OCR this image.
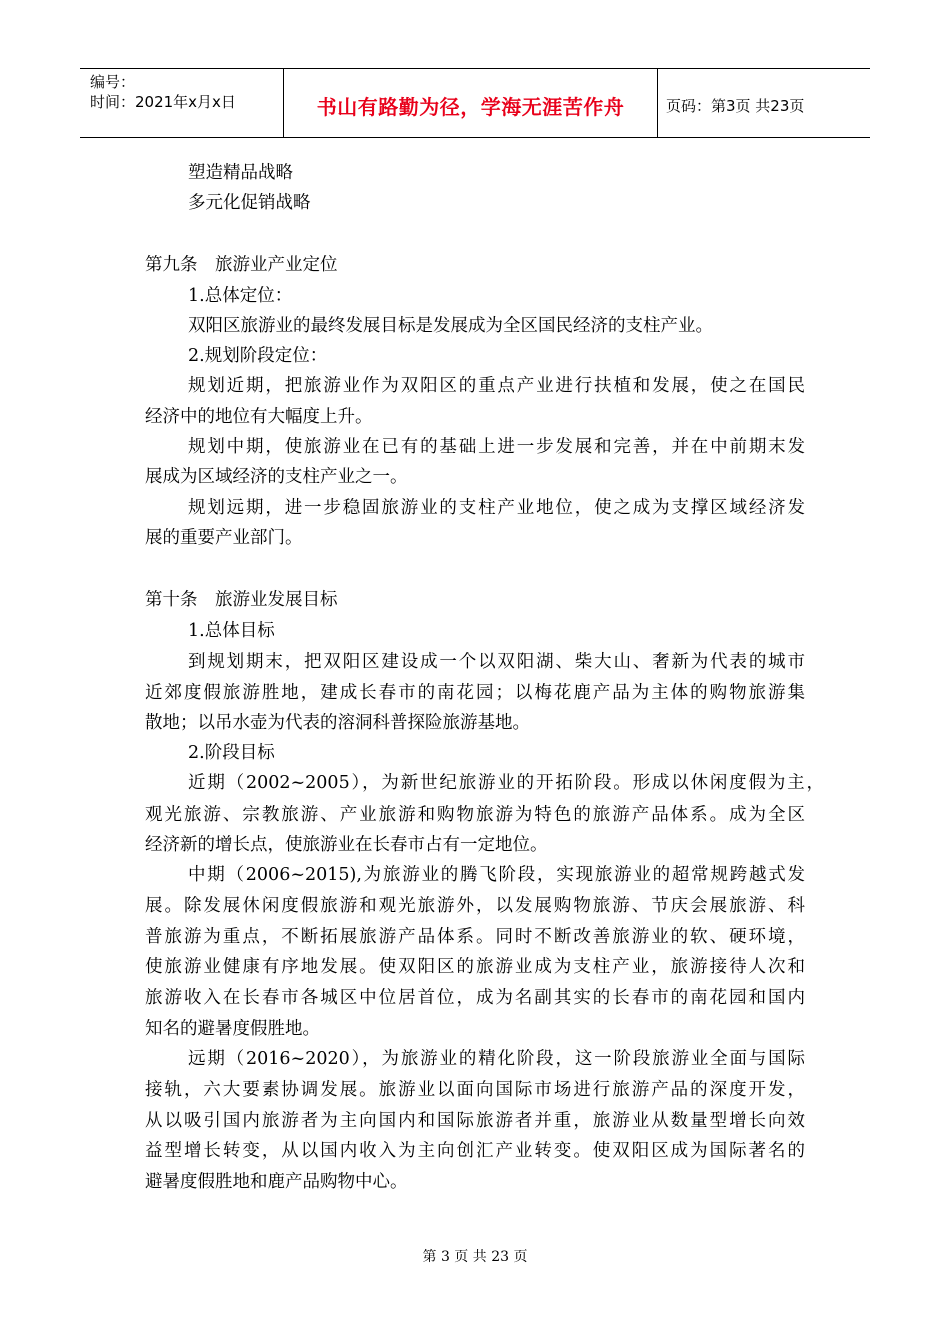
编号：
时间：2021年x月x日	书山有路勤为径，学海无涯苦作舟	页码：第3页 共23页
塑造精品战略
多元化促销战略
第九条　旅游业产业定位
1.总体定位：
双阳区旅游业的最终发展目标是发展成为全区国民经济的支柱产业。
2.规划阶段定位：
规划近期，把旅游业作为双阳区的重点产业进行扶植和发展，使之在国民
经济中的地位有大幅度上升。
规划中期，使旅游业在已有的基础上进一步发展和完善，并在中前期末发
展成为区域经济的支柱产业之一。
规划远期，进一步稳固旅游业的支柱产业地位，使之成为支撑区域经济发
展的重要产业部门。
第十条　旅游业发展目标
1.总体目标
到规划期末，把双阳区建设成一个以双阳湖、柴大山、奢新为代表的城市
近郊度假旅游胜地，建成长春市的南花园；以梅花鹿产品为主体的购物旅游集
散地；以吊水壶为代表的溶洞科普探险旅游基地。
2.阶段目标
近期（2002~2005），为新世纪旅游业的开拓阶段。形成以休闲度假为主，
观光旅游、宗教旅游、产业旅游和购物旅游为特色的旅游产品体系。成为全区
经济新的增长点，使旅游业在长春市占有一定地位。
中期（2006~2015),为旅游业的腾飞阶段，实现旅游业的超常规跨越式发
展。除发展休闲度假旅游和观光旅游外，以发展购物旅游、节庆会展旅游、科
普旅游为重点，不断拓展旅游产品体系。同时不断改善旅游业的软、硬环境，
使旅游业健康有序地发展。使双阳区的旅游业成为支柱产业，旅游接待人次和
旅游收入在长春市各城区中位居首位，成为名副其实的长春市的南花园和国内
知名的避暑度假胜地。
远期（2016~2020），为旅游业的精化阶段，这一阶段旅游业全面与国际
接轨，六大要素协调发展。旅游业以面向国际市场进行旅游产品的深度开发，
从以吸引国内旅游者为主向国内和国际旅游者并重，旅游业从数量型增长向效
益型增长转变，从以国内收入为主向创汇产业转变。使双阳区成为国际著名的
避暑度假胜地和鹿产品购物中心。
第 3 页 共 23 页
